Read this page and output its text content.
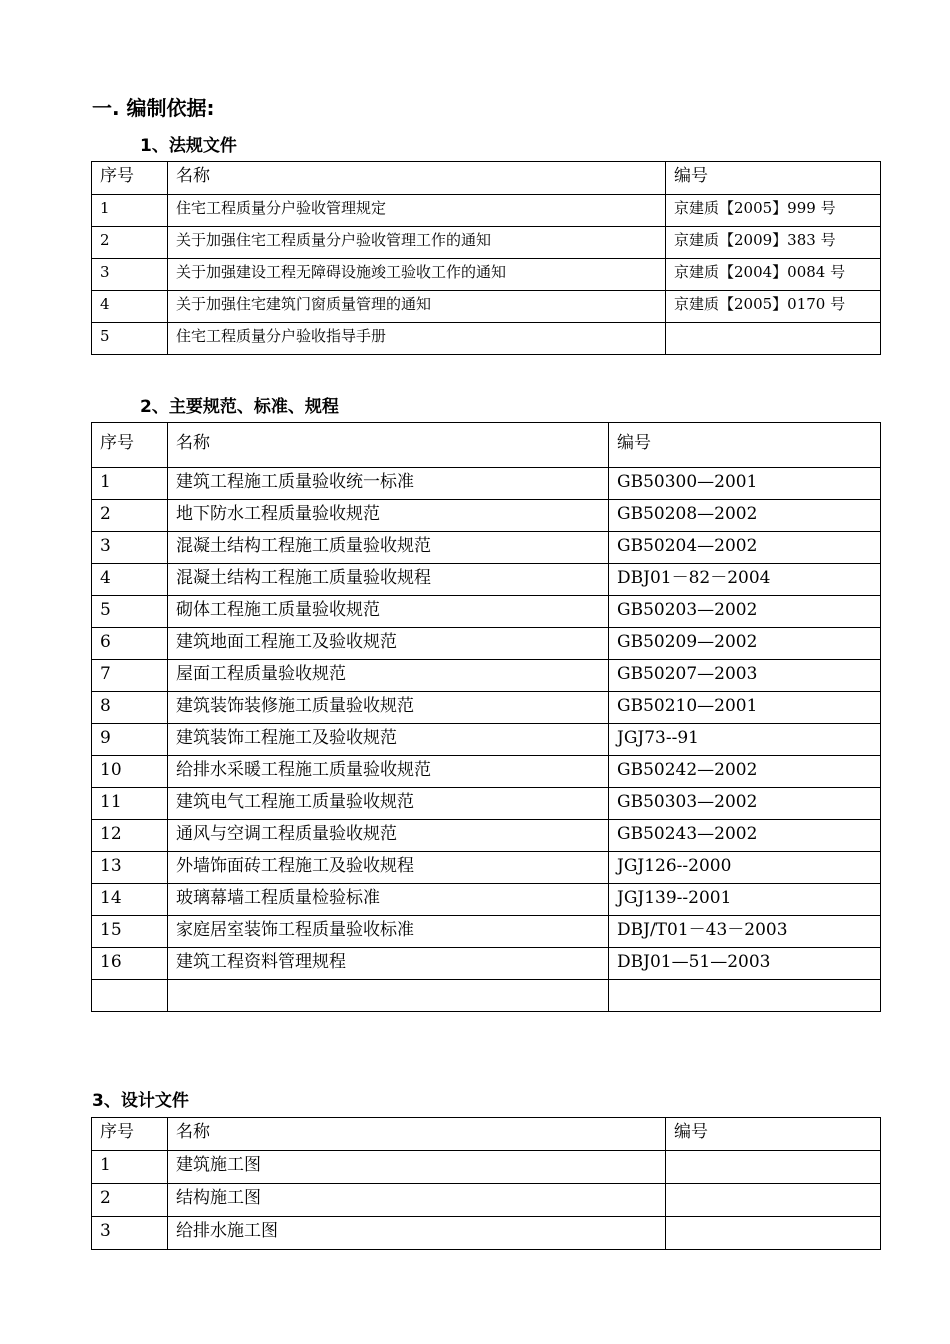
一. 编制依据:
1、法规文件
序号	名称	编号
1	住宅工程质量分户验收管理规定	京建质【2005】999 号
2	关于加强住宅工程质量分户验收管理工作的通知	京建质【2009】383 号
3	关于加强建设工程无障碍设施竣工验收工作的通知	京建质【2004】0084 号
4	关于加强住宅建筑门窗质量管理的通知	京建质【2005】0170 号
5	住宅工程质量分户验收指导手册	
2、主要规范、标准、规程
序号	名称	编号
1	建筑工程施工质量验收统一标准	GB50300—2001
2	地下防水工程质量验收规范	GB50208—2002
3	混凝土结构工程施工质量验收规范	GB50204—2002
4	混凝土结构工程施工质量验收规程	DBJ01－82－2004
5	砌体工程施工质量验收规范	GB50203—2002
6	建筑地面工程施工及验收规范	GB50209—2002
7	屋面工程质量验收规范	GB50207—2003
8	建筑装饰装修施工质量验收规范	GB50210—2001
9	建筑装饰工程施工及验收规范	JGJ73--91
10	给排水采暖工程施工质量验收规范	GB50242—2002
11	建筑电气工程施工质量验收规范	GB50303—2002
12	通风与空调工程质量验收规范	GB50243—2002
13	外墙饰面砖工程施工及验收规程	JGJ126--2000
14	玻璃幕墙工程质量检验标准	JGJ139--2001
15	家庭居室装饰工程质量验收标准	DBJ/T01－43－2003
16	建筑工程资料管理规程	DBJ01—51—2003

3、设计文件
序号	名称	编号
1	建筑施工图	
2	结构施工图	
3	给排水施工图	
